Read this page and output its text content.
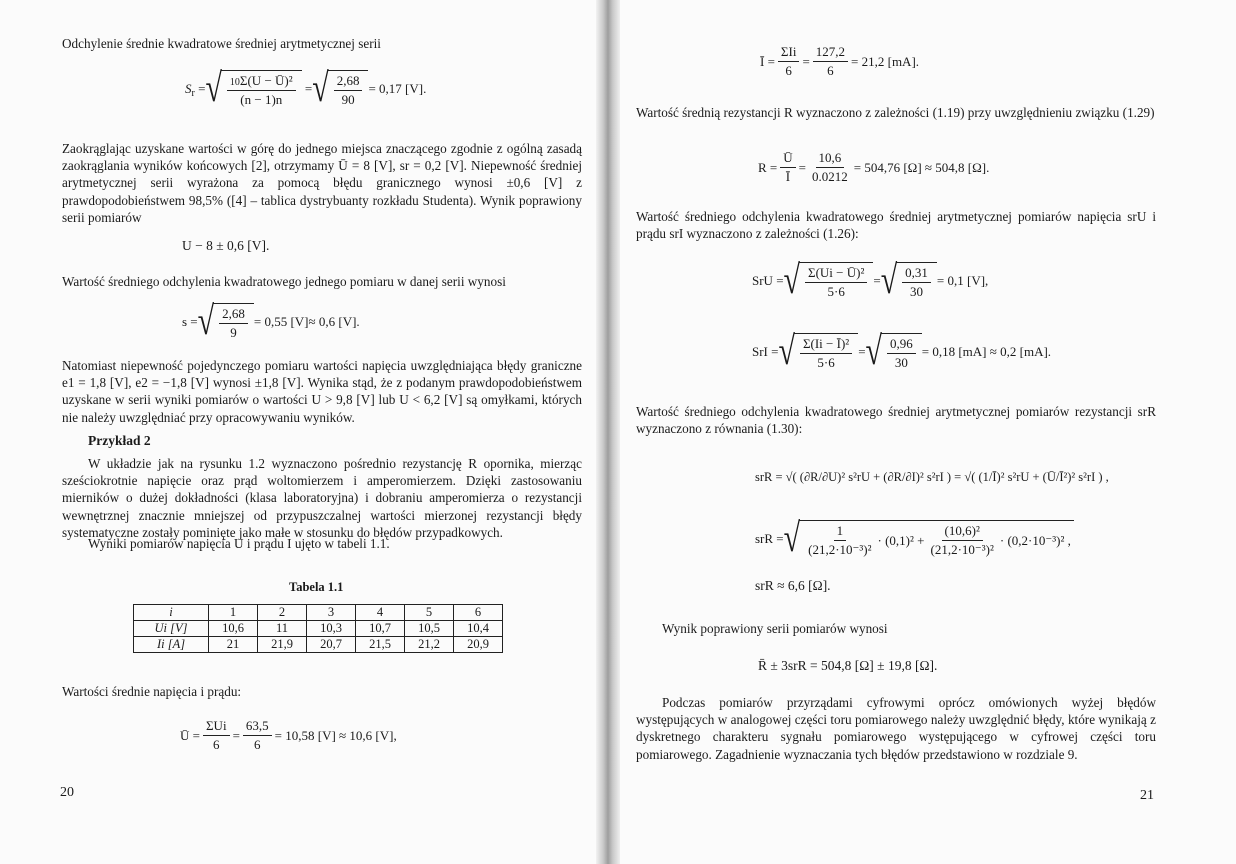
Odchylenie średnie kwadratowe średniej arytmetycznej serii

S r = √ $\frac{\text{10Σ(U − Ū)²}}{(n - 1)n}$ = √ $\frac{2,68}{90} = 0,17$ [V].

Zaokrąglając uzyskane wartości w górę do jednego miejsca znaczącego zgodnie z ogólną zasadą zaokrąglania wyników końcowych [2], otrzymamy Ū = 8 [V], sr = 0,2 [V]. Niepewność średniej arytmetycznej serii wyrażona za pomocą błędu granicznego wynosi ±0,6 [V] z prawdopodobieństwem 98,5% ([4] – tablica dystrybuanty rozkładu Studenta). Wynik poprawiony serii pomiarów

U − 8 ± 0,6 [V].

Wartość średniego odchylenia kwadratowego jednego pomiaru w danej serii wynosi

s = √ $\frac{2,68}{9} = 0,55$ [V]≈ 0,6 [V].

Natomiast niepewność pojedynczego pomiaru wartości napięcia uwzględniająca błędy graniczne e1 = 1,8 [V], e2 = −1,8 [V] wynosi ±1,8 [V]. Wynika stąd, że z podanym prawdopodobieństwem uzyskane w serii wyniki pomiarów o wartości U > 9,8 [V] lub U < 6,2 [V] są omyłkami, których nie należy uwzględniać przy opracowywaniu wyników.

Przykład 2

W układzie jak na rysunku 1.2 wyznaczono pośrednio rezystancję R opornika, mierząc sześciokrotnie napięcie oraz prąd woltomierzem i amperomierzem. Dzięki zastosowaniu mierników o dużej dokładności (klasa laboratoryjna) i dobraniu amperomierza o rezystancji wewnętrznej znacznie mniejszej od przypuszczalnej wartości mierzonej rezystancji błędy systematyczne zostały pominięte jako małe w stosunku do błędów przypadkowych.

Wyniki pomiarów napięcia U i prądu I ujęto w tabeli 1.1.

Tabela 1.1
i	1	2	3	4	5	6
Ui [V]	10,6	11	10,3	10,7	10,5	10,4
Ii [A]	21	21,9	20,7	21,5	21,2	20,9

Wartości średnie napięcia i prądu:

Ū = $\frac{\text{ΣUi}}{6} = \frac{63,5}{6} = 10,58$ [V] ≈ 10,6 [V],
20
Ī = $\frac{\text{ΣIi}}{6} = \frac{127,2}{6} = 21,2$ [mA].

Wartość średnią rezystancji R wyznaczono z zależności (1.19) przy uwzględnieniu związku (1.29)

$R = \frac{Ū}{Ī} = \frac{10,6}{0.0212} = 504,76$ [Ω] ≈ 504,8 [Ω].

Wartość średniego odchylenia kwadratowego średniej arytmetycznej pomiarów napięcia srU i prądu srI wyznaczono z zależności (1.26):

SrU = √ $\frac{\text{Σ(Ui − Ū)²}}{5\cdot 6}$ = √ $\frac{0,31}{30} = 0,1$ [V],
SrI = √ $\frac{\text{Σ(Ii − Ī)²}}{5\cdot 6}$ = √ $\frac{0,96}{30} = 0,18$ [mA] ≈ 0,2 [mA].

Wartość średniego odchylenia kwadratowego średniej arytmetycznej pomiarów rezystancji srR wyznaczono z równania (1.30):

srR = √( (∂R/∂U)² s²rU + (∂R/∂I)² s²rI ) = √( (1/Ī)² s²rU + (Ū/Ī²)² s²rI ) ,
srR = √ $\frac{1}{\text{(21,2·10⁻³)²}} \cdot (0,1)^2 + \frac{\text{(10,6)²}}{\text{(21,2·10⁻³)²}} \cdot (0,2\cdot 10^{-3})^2$ ,
srR ≈ 6,6 [Ω].

Wynik poprawiony serii pomiarów wynosi

R̄ ± 3srR = 504,8 [Ω] ± 19,8 [Ω].

Podczas pomiarów przyrządami cyfrowymi oprócz omówionych wyżej błędów występujących w analogowej części toru pomiarowego należy uwzględnić błędy, które wynikają z dyskretnego charakteru sygnału pomiarowego występującego w cyfrowej części toru pomiarowego. Zagadnienie wyznaczania tych błędów przedstawiono w rozdziale 9.

21
